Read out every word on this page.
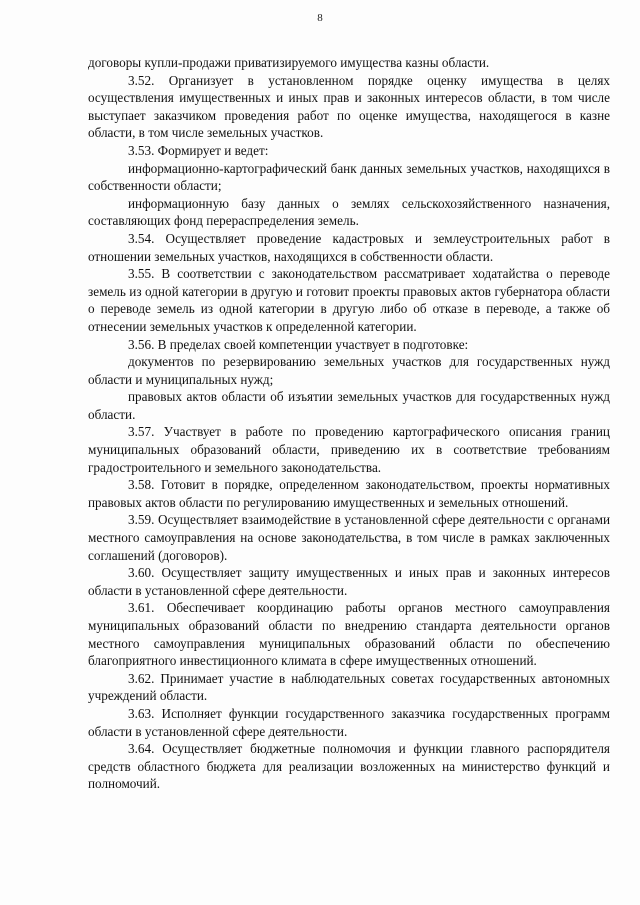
8

договоры купли-продажи приватизируемого имущества казны области.

3.52. Организует в установленном порядке оценку имущества в целях осуществления имущественных и иных прав и законных интересов области, в том числе выступает заказчиком проведения работ по оценке имущества, находящегося в казне области, в том числе земельных участков.

3.53. Формирует и ведет:

информационно-картографический банк данных земельных участков, находящихся в собственности области;

информационную базу данных о землях сельскохозяйственного назначения, составляющих фонд перераспределения земель.

3.54. Осуществляет проведение кадастровых и землеустроительных работ в отношении земельных участков, находящихся в собственности области.

3.55. В соответствии с законодательством рассматривает ходатайства о переводе земель из одной категории в другую и готовит проекты правовых актов губернатора области о переводе земель из одной категории в другую либо об отказе в переводе, а также об отнесении земельных участков к определенной категории.

3.56. В пределах своей компетенции участвует в подготовке:

документов по резервированию земельных участков для государственных нужд области и муниципальных нужд;

правовых актов области об изъятии земельных участков для государственных нужд области.

3.57. Участвует в работе по проведению картографического описания границ муниципальных образований области, приведению их в соответствие требованиям градостроительного и земельного законодательства.

3.58. Готовит в порядке, определенном законодательством, проекты нормативных правовых актов области по регулированию имущественных и земельных отношений.

3.59. Осуществляет взаимодействие в установленной сфере деятельности с органами местного самоуправления на основе законодательства, в том числе в рамках заключенных соглашений (договоров).

3.60. Осуществляет защиту имущественных и иных прав и законных интересов области в установленной сфере деятельности.

3.61. Обеспечивает координацию работы органов местного самоуправления муниципальных образований области по внедрению стандарта деятельности органов местного самоуправления муниципальных образований области по обеспечению благоприятного инвестиционного климата в сфере имущественных отношений.

3.62. Принимает участие в наблюдательных советах государственных автономных учреждений области.

3.63. Исполняет функции государственного заказчика государственных программ области в установленной сфере деятельности.

3.64. Осуществляет бюджетные полномочия и функции главного распорядителя средств областного бюджета для реализации возложенных на министерство функций и полномочий.
